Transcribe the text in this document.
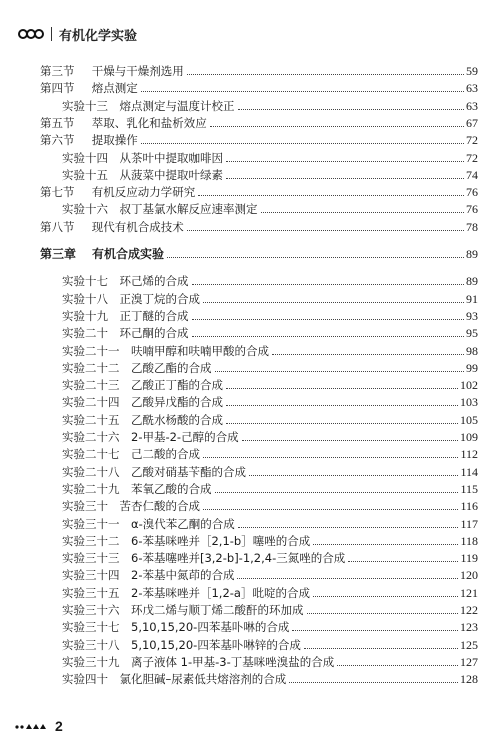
有机化学实验
第三节  干燥与干燥剂选用	59
第四节  熔点测定	63
实验十三  熔点测定与温度计校正	63
第五节  萃取、乳化和盐析效应	67
第六节  提取操作	72
实验十四  从茶叶中提取咖啡因	72
实验十五  从菠菜中提取叶绿素	74
第七节  有机反应动力学研究	76
实验十六  叔丁基氯水解反应速率测定	76
第八节  现代有机合成技术	78
第三章  有机合成实验	89
实验十七  环己烯的合成	89
实验十八  正溴丁烷的合成	91
实验十九  正丁醚的合成	93
实验二十  环己酮的合成	95
实验二十一  呋喃甲醇和呋喃甲酸的合成	98
实验二十二  乙酸乙酯的合成	99
实验二十三  乙酸正丁酯的合成	102
实验二十四  乙酸异戊酯的合成	103
实验二十五  乙酰水杨酸的合成	105
实验二十六  2-甲基-2-己醇的合成	109
实验二十七  己二酸的合成	112
实验二十八  乙酸对硝基苄酯的合成	114
实验二十九  苯氧乙酸的合成	115
实验三十  苦杏仁酸的合成	116
实验三十一  α-溴代苯乙酮的合成	117
实验三十二  6-苯基咪唑并［2,1-b］噻唑的合成	118
实验三十三  6-苯基噻唑并[3,2-b]-1,2,4-三氮唑的合成	119
实验三十四  2-苯基中氮茚的合成	120
实验三十五  2-苯基咪唑并［1,2-a］吡啶的合成	121
实验三十六  环戊二烯与顺丁烯二酸酐的环加成	122
实验三十七  5,10,15,20-四苯基卟啉的合成	123
实验三十八  5,10,15,20-四苯基卟啉锌的合成	125
实验三十九  离子液体 1-甲基-3-丁基咪唑溴盐的合成	127
实验四十  氯化胆碱–尿素低共熔溶剂的合成	128
2
